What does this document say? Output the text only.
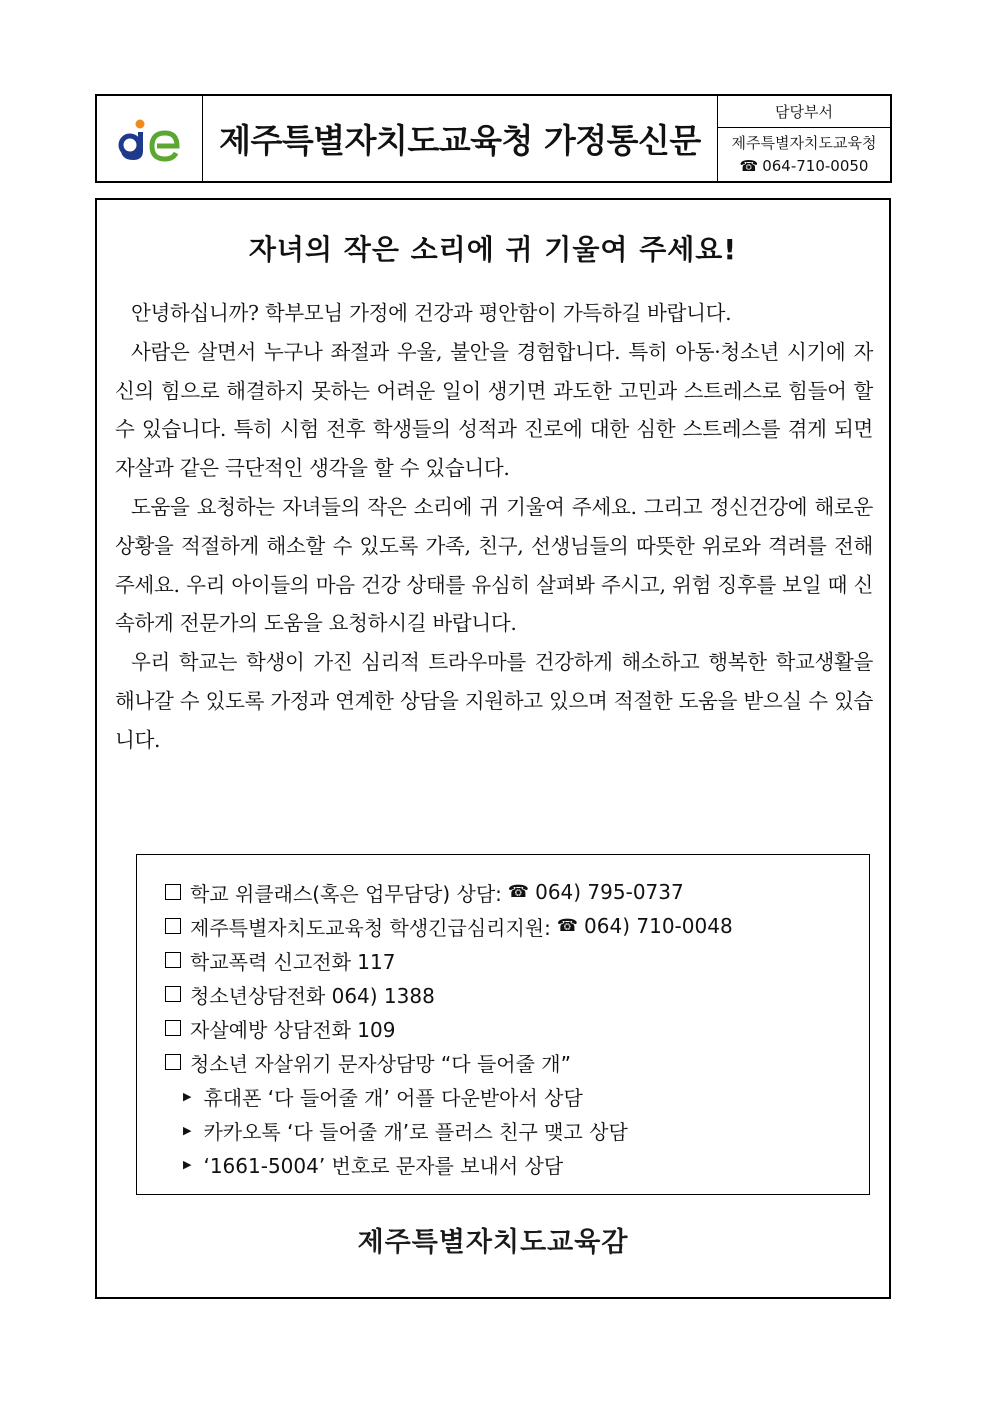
제주특별자치도교육청 가정통신문
담당부서
제주특별자치도교육청
☎ 064-710-0050
자녀의 작은 소리에 귀 기울여 주세요!

안녕하십니까? 학부모님 가정에 건강과 평안함이 가득하길 바랍니다.

사람은 살면서 누구나 좌절과 우울, 불안을 경험합니다. 특히 아동·청소년 시기에 자신의 힘으로 해결하지 못하는 어려운 일이 생기면 과도한 고민과 스트레스로 힘들어 할 수 있습니다. 특히 시험 전후 학생들의 성적과 진로에 대한 심한 스트레스를 겪게 되면 자살과 같은 극단적인 생각을 할 수 있습니다.

도움을 요청하는 자녀들의 작은 소리에 귀 기울여 주세요. 그리고 정신건강에 해로운 상황을 적절하게 해소할 수 있도록 가족, 친구, 선생님들의 따뜻한 위로와 격려를 전해주세요. 우리 아이들의 마음 건강 상태를 유심히 살펴봐 주시고, 위험 징후를 보일 때 신속하게 전문가의 도움을 요청하시길 바랍니다.

우리 학교는 학생이 가진 심리적 트라우마를 건강하게 해소하고 행복한 학교생활을 해나갈 수 있도록 가정과 연계한 상담을 지원하고 있으며 적절한 도움을 받으실 수 있습니다.

학교 위클래스(혹은 업무담당) 상담: ☎ 064) 795-0737
제주특별자치도교육청 학생긴급심리지원: ☎ 064) 710-0048
학교폭력 신고전화 117
청소년상담전화 064) 1388
자살예방 상담전화 109
청소년 자살위기 문자상담망 “다 들어줄 개”
▶ 휴대폰 ‘다 들어줄 개’ 어플 다운받아서 상담
▶ 카카오톡 ‘다 들어줄 개’로 플러스 친구 맺고 상담
▶ ‘1661-5004’ 번호로 문자를 보내서 상담
제주특별자치도교육감
